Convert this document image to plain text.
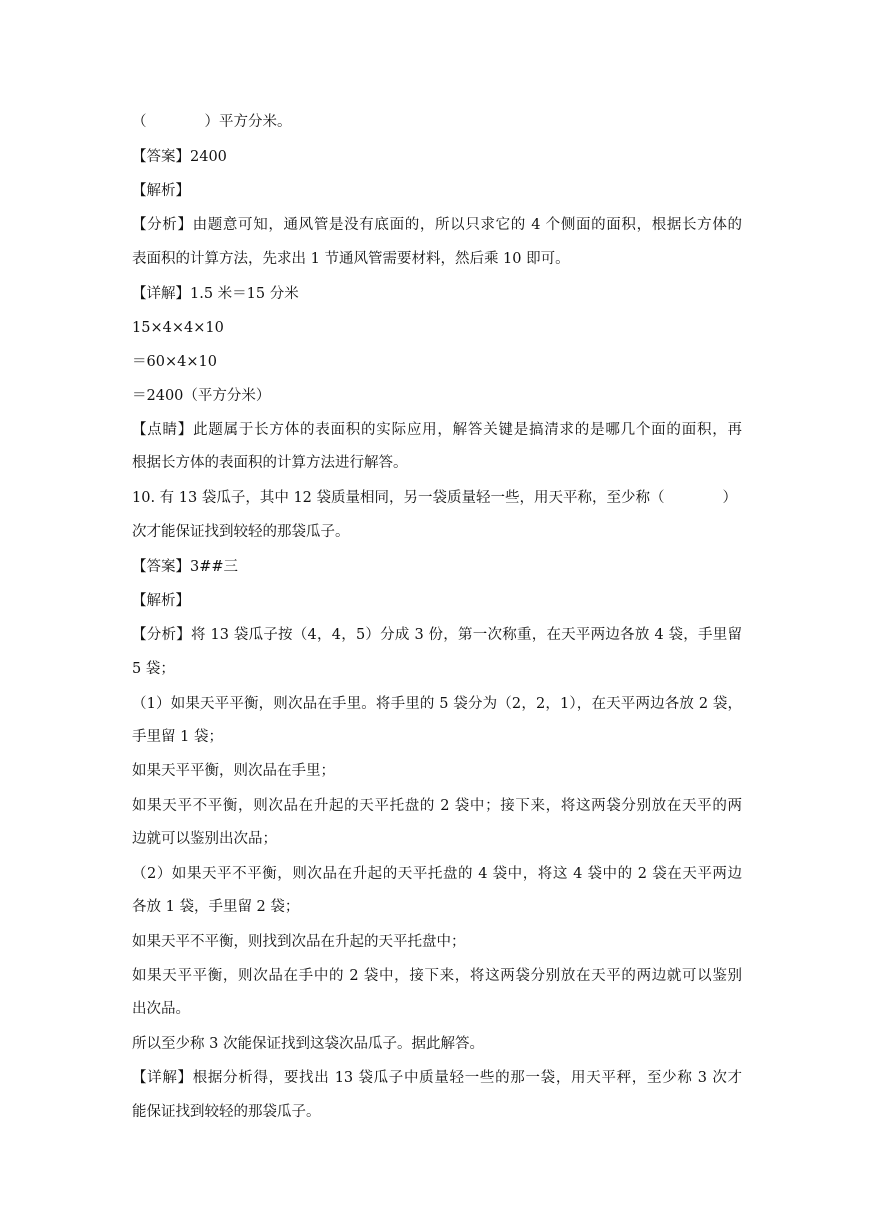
（　　　　）平方分米。
【答案】2400
【解析】
【分析】由题意可知，通风管是没有底面的，所以只求它的 4 个侧面的面积，根据长方体的
表面积的计算方法，先求出 1 节通风管需要材料，然后乘 10 即可。
【详解】1.5 米＝15 分米
15×4×4×10
＝60×4×10
＝2400（平方分米）
【点睛】此题属于长方体的表面积的实际应用，解答关键是搞清求的是哪几个面的面积，再
根据长方体的表面积的计算方法进行解答。
10. 有 13 袋瓜子，其中 12 袋质量相同，另一袋质量轻一些，用天平称，至少称（　　　　）
次才能保证找到较轻的那袋瓜子。
【答案】3##三
【解析】
【分析】将 13 袋瓜子按（4，4，5）分成 3 份，第一次称重，在天平两边各放 4 袋，手里留
5 袋；
（1）如果天平平衡，则次品在手里。将手里的 5 袋分为（2，2，1），在天平两边各放 2 袋，
手里留 1 袋；
如果天平平衡，则次品在手里；
如果天平不平衡，则次品在升起的天平托盘的 2 袋中；接下来，将这两袋分别放在天平的两
边就可以鉴别出次品；
（2）如果天平不平衡，则次品在升起的天平托盘的 4 袋中，将这 4 袋中的 2 袋在天平两边
各放 1 袋，手里留 2 袋；
如果天平不平衡，则找到次品在升起的天平托盘中；
如果天平平衡，则次品在手中的 2 袋中，接下来，将这两袋分别放在天平的两边就可以鉴别
出次品。
所以至少称 3 次能保证找到这袋次品瓜子。据此解答。
【详解】根据分析得，要找出 13 袋瓜子中质量轻一些的那一袋，用天平秤，至少称 3 次才
能保证找到较轻的那袋瓜子。
